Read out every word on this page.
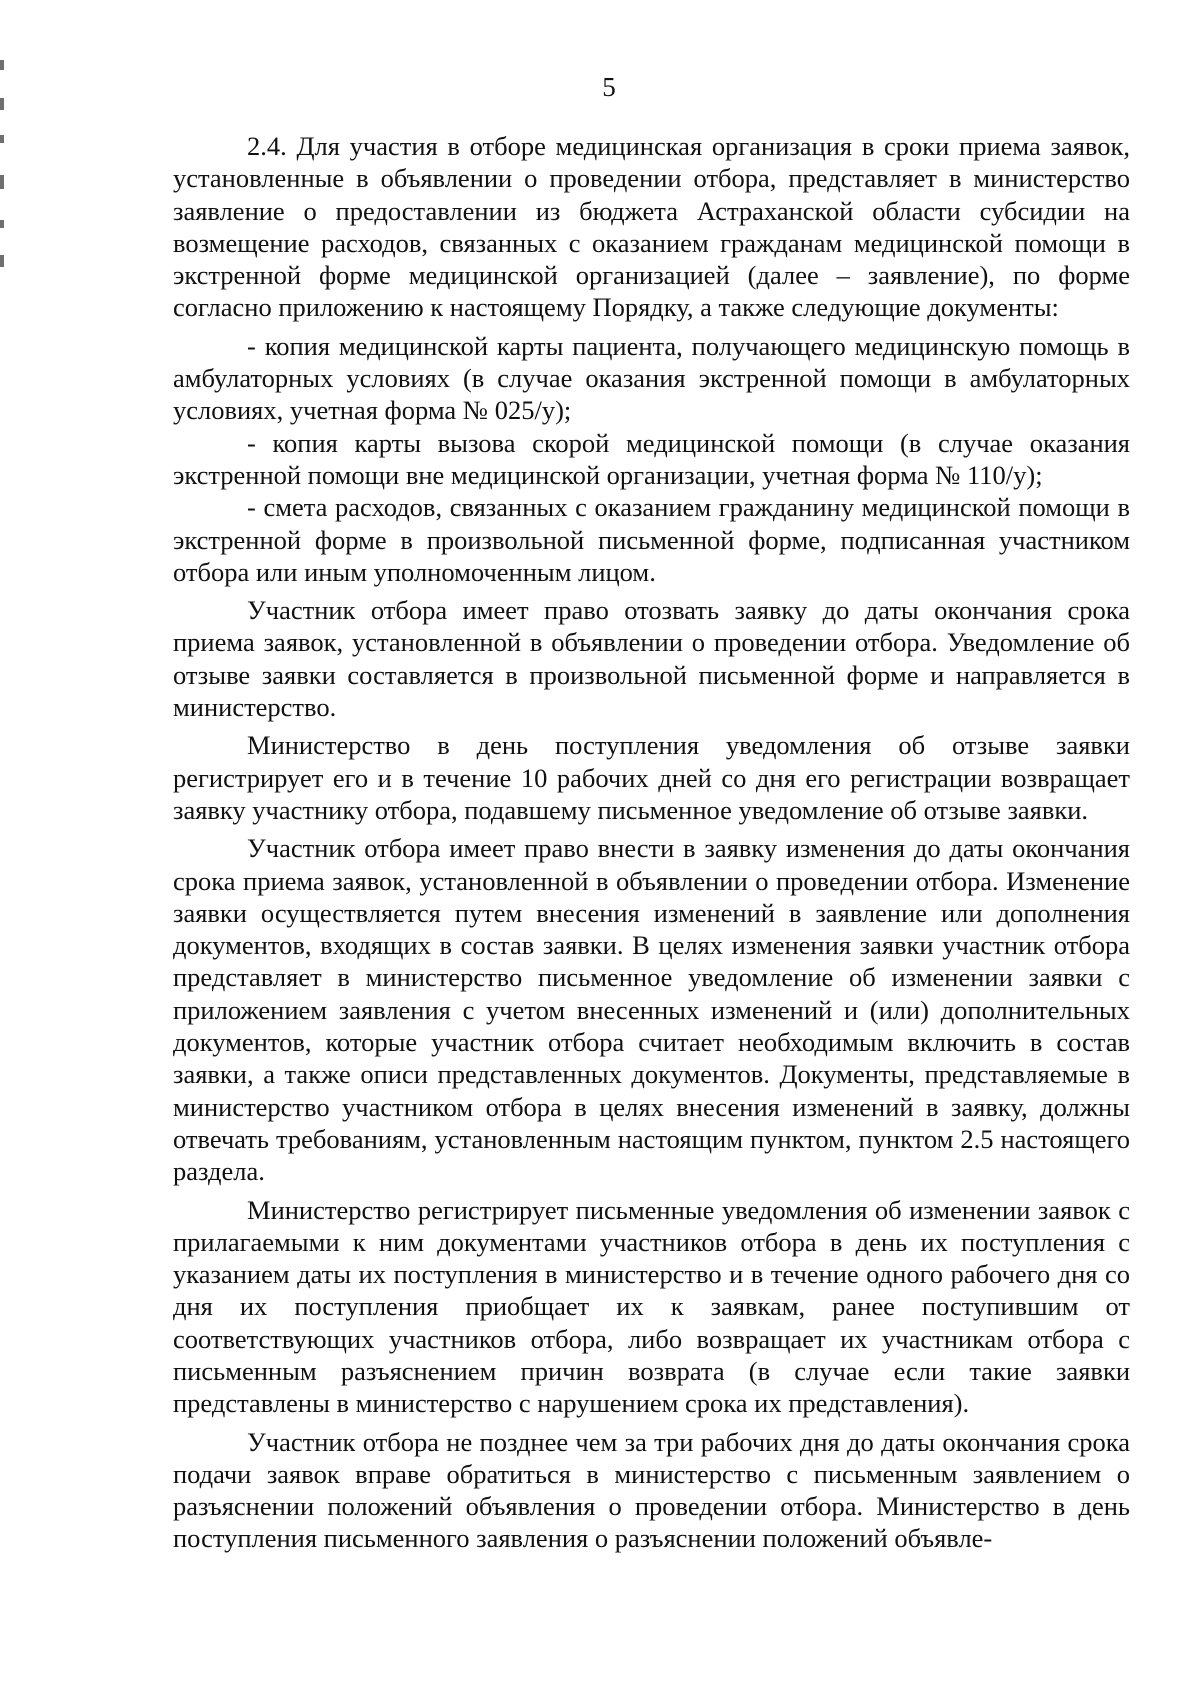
5

2.4. Для участия в отборе медицинская организация в сроки приема заявок, установленные в объявлении о проведении отбора, представляет в министерство заявление о предоставлении из бюджета Астраханской области субсидии на возмещение расходов, связанных с оказанием гражданам медицинской помощи в экстренной форме медицинской организацией (далее – заявление), по форме согласно приложению к настоящему Порядку, а также следующие документы:

- копия медицинской карты пациента, получающего медицинскую помощь в амбулаторных условиях (в случае оказания экстренной помощи в амбулаторных условиях, учетная форма № 025/у);

- копия карты вызова скорой медицинской помощи (в случае оказания экстренной помощи вне медицинской организации, учетная форма № 110/у);

- смета расходов, связанных с оказанием гражданину медицинской помощи в экстренной форме в произвольной письменной форме, подписанная участником отбора или иным уполномоченным лицом.

Участник отбора имеет право отозвать заявку до даты окончания срока приема заявок, установленной в объявлении о проведении отбора. Уведомление об отзыве заявки составляется в произвольной письменной форме и направляется в министерство.

Министерство в день поступления уведомления об отзыве заявки регистрирует его и в течение 10 рабочих дней со дня его регистрации возвращает заявку участнику отбора, подавшему письменное уведомление об отзыве заявки.

Участник отбора имеет право внести в заявку изменения до даты окончания срока приема заявок, установленной в объявлении о проведении отбора. Изменение заявки осуществляется путем внесения изменений в заявление или дополнения документов, входящих в состав заявки. В целях изменения заявки участник отбора представляет в министерство письменное уведомление об изменении заявки с приложением заявления с учетом внесенных изменений и (или) дополнительных документов, которые участник отбора считает необходимым включить в состав заявки, а также описи представленных документов. Документы, представляемые в министерство участником отбора в целях внесения изменений в заявку, должны отвечать требованиям, установленным настоящим пунктом, пунктом 2.5 настоящего раздела.

Министерство регистрирует письменные уведомления об изменении заявок с прилагаемыми к ним документами участников отбора в день их поступления с указанием даты их поступления в министерство и в течение одного рабочего дня со дня их поступления приобщает их к заявкам, ранее поступившим от соответствующих участников отбора, либо возвращает их участникам отбора с письменным разъяснением причин возврата (в случае если такие заявки представлены в министерство с нарушением срока их представления).

Участник отбора не позднее чем за три рабочих дня до даты окончания срока подачи заявок вправе обратиться в министерство с письменным заявлением о разъяснении положений объявления о проведении отбора. Министерство в день поступления письменного заявления о разъяснении положений объявле-
